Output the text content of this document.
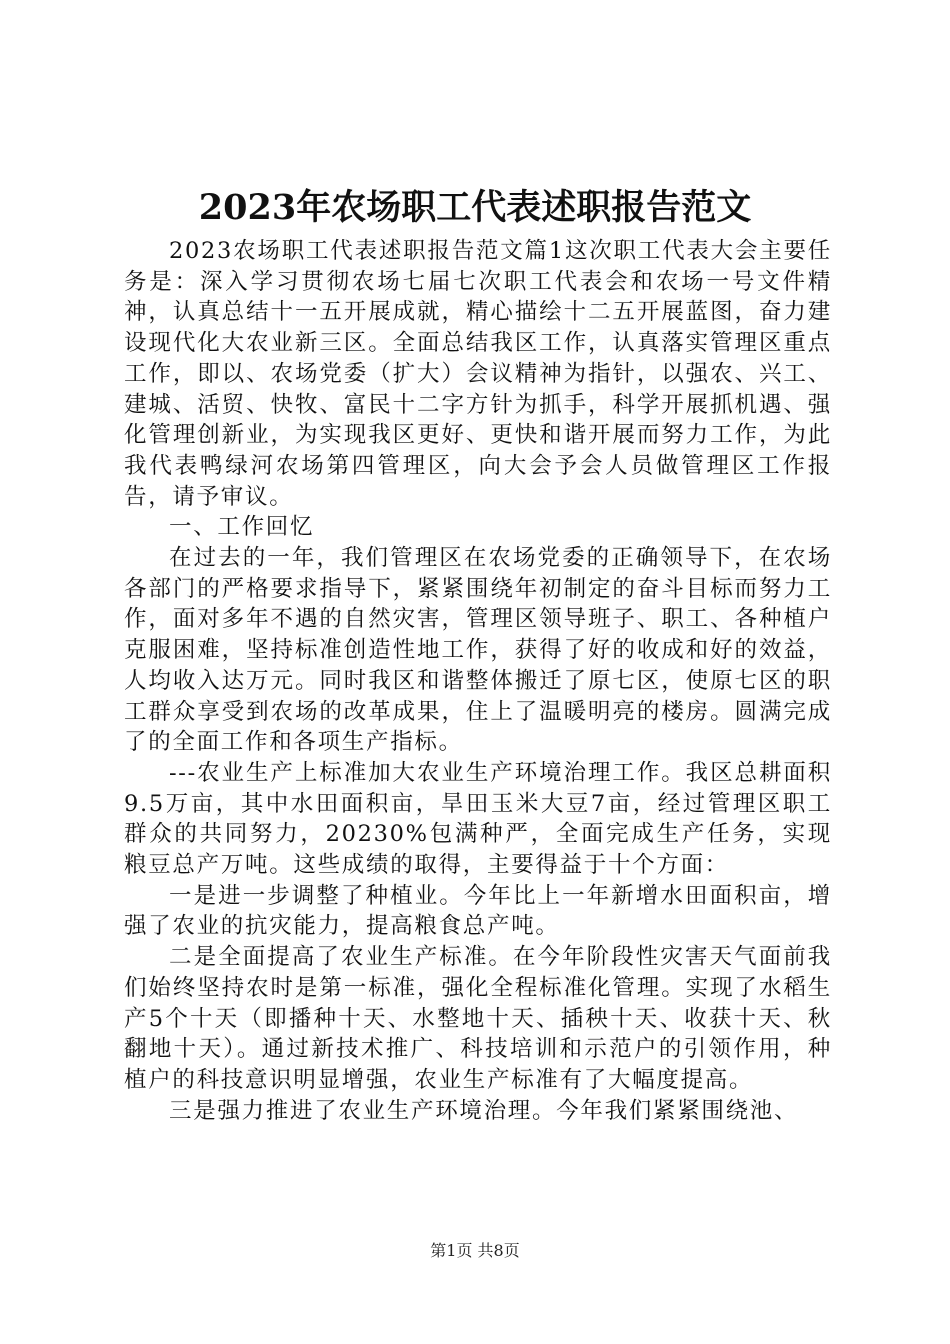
2023年农场职工代表述职报告范文

2023农场职工代表述职报告范文篇1这次职工代表大会主要任务是：深入学习贯彻农场七届七次职工代表会和农场一号文件精神，认真总结十一五开展成就，精心描绘十二五开展蓝图，奋力建设现代化大农业新三区。全面总结我区工作，认真落实管理区重点工作，即以、农场党委（扩大）会议精神为指针，以强农、兴工、建城、活贸、快牧、富民十二字方针为抓手，科学开展抓机遇、强化管理创新业，为实现我区更好、更快和谐开展而努力工作，为此我代表鸭绿河农场第四管理区，向大会予会人员做管理区工作报告，请予审议。

一、工作回忆

在过去的一年，我们管理区在农场党委的正确领导下，在农场各部门的严格要求指导下，紧紧围绕年初制定的奋斗目标而努力工作，面对多年不遇的自然灾害，管理区领导班子、职工、各种植户克服困难，坚持标准创造性地工作，获得了好的收成和好的效益，人均收入达万元。同时我区和谐整体搬迁了原七区，使原七区的职工群众享受到农场的改革成果，住上了温暖明亮的楼房。圆满完成了的全面工作和各项生产指标。

---农业生产上标准加大农业生产环境治理工作。我区总耕面积9.5万亩，其中水田面积亩，旱田玉米大豆7亩，经过管理区职工群众的共同努力，20230%包满种严，全面完成生产任务，实现粮豆总产万吨。这些成绩的取得，主要得益于十个方面：

一是进一步调整了种植业。今年比上一年新增水田面积亩，增强了农业的抗灾能力，提高粮食总产吨。

二是全面提高了农业生产标准。在今年阶段性灾害天气面前我们始终坚持农时是第一标准，强化全程标准化管理。实现了水稻生产5个十天（即播种十天、水整地十天、插秧十天、收获十天、秋翻地十天）。通过新技术推广、科技培训和示范户的引领作用，种植户的科技意识明显增强，农业生产标准有了大幅度提高。

三是强力推进了农业生产环境治理。今年我们紧紧围绕池、

第1页 共8页
